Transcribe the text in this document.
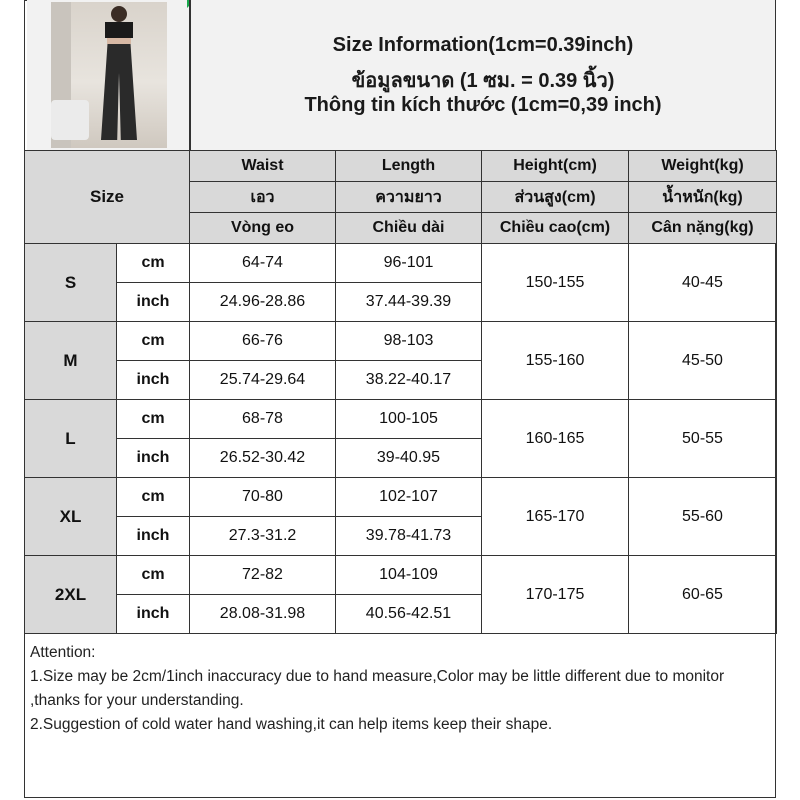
Size Information(1cm=0.39inch)
ข้อมูลขนาด (1 ซม. = 0.39 นิ้ว)
Thông tin kích thước (1cm=0,39 inch)
Size		Waist	Length	Height(cm)	Weight(kg)
		เอว	ความยาว	ส่วนสูง(cm)	น้ำหนัก(kg)
		Vòng eo	Chiều dài	Chiều cao(cm)	Cân nặng(kg)
S	cm	64-74	96-101	150-155	40-45
	inch	24.96-28.86	37.44-39.39		
M	cm	66-76	98-103	155-160	45-50
	inch	25.74-29.64	38.22-40.17		
L	cm	68-78	100-105	160-165	50-55
	inch	26.52-30.42	39-40.95		
XL	cm	70-80	102-107	165-170	55-60
	inch	27.3-31.2	39.78-41.73		
2XL	cm	72-82	104-109	170-175	60-65
	inch	28.08-31.98	40.56-42.51		

Attention:

1.Size may be 2cm/1inch inaccuracy due to hand measure,Color may be little different due to monitor ,thanks for your understanding.

2.Suggestion of cold water hand washing,it can help items keep their shape.
